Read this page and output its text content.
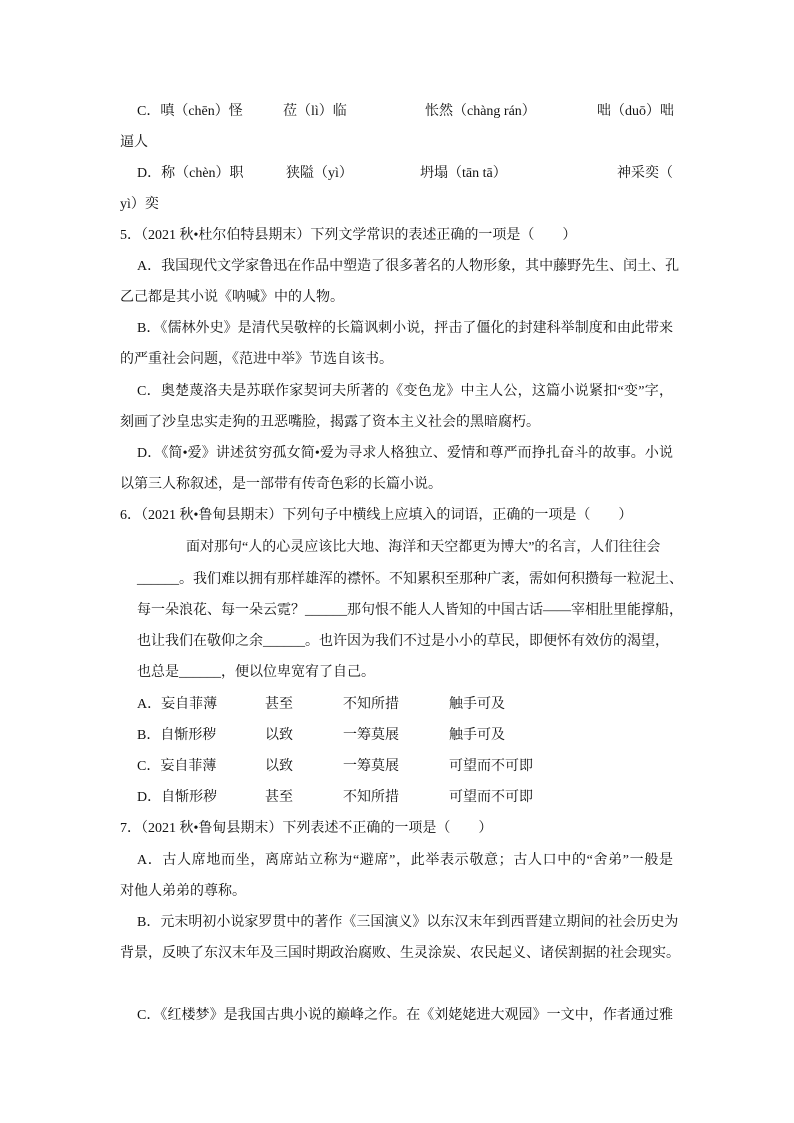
C．嗔（chēn）怪	莅（lì）临	怅然（chàng rán）	咄（duō）咄
逼人
D．称（chèn）职	狭隘（yì）	坍塌（tān tā）	神采奕（
yì）奕
5．（2021 秋•杜尔伯特县期末）下列文学常识的表述正确的一项是（　　）
A．我国现代文学家鲁迅在作品中塑造了很多著名的人物形象，其中藤野先生、闰土、孔
乙己都是其小说《呐喊》中的人物。
B．《儒林外史》是清代吴敬梓的长篇讽刺小说，抨击了僵化的封建科举制度和由此带来
的严重社会问题，《范进中举》节选自该书。
C．奥楚蔑洛夫是苏联作家契诃夫所著的《变色龙》中主人公，这篇小说紧扣“变”字，
刻画了沙皇忠实走狗的丑恶嘴脸，揭露了资本主义社会的黑暗腐朽。
D．《简•爱》讲述贫穷孤女简•爱为寻求人格独立、爱情和尊严而挣扎奋斗的故事。小说
以第三人称叙述，是一部带有传奇色彩的长篇小说。
6．（2021 秋•鲁甸县期末）下列句子中横线上应填入的词语，正确的一项是（　　）
面对那句“人的心灵应该比大地、海洋和天空都更为博大”的名言，人们往往会
______。我们难以拥有那样雄浑的襟怀。不知累积至那种广袤，需如何积攒每一粒泥土、
每一朵浪花、每一朵云霓？______那句恨不能人人皆知的中国古话——宰相肚里能撑船，
也让我们在敬仰之余______。也许因为我们不过是小小的草民，即便怀有效仿的渴望，
也总是______，便以位卑宽宥了自己。
A．妄自菲薄	甚至	不知所措	触手可及
B．自惭形秽	以致	一筹莫展	触手可及
C．妄自菲薄	以致	一筹莫展	可望而不可即
D．自惭形秽	甚至	不知所措	可望而不可即
7．（2021 秋•鲁甸县期末）下列表述不正确的一项是（　　）
A．古人席地而坐，离席站立称为“避席”，此举表示敬意；古人口中的“舍弟”一般是
对他人弟弟的尊称。
B．元末明初小说家罗贯中的著作《三国演义》以东汉末年到西晋建立期间的社会历史为
背景，反映了东汉末年及三国时期政治腐败、生灵涂炭、农民起义、诸侯割据的社会现实。
C．《红楼梦》是我国古典小说的巅峰之作。在《刘姥姥进大观园》一文中，作者通过雅
